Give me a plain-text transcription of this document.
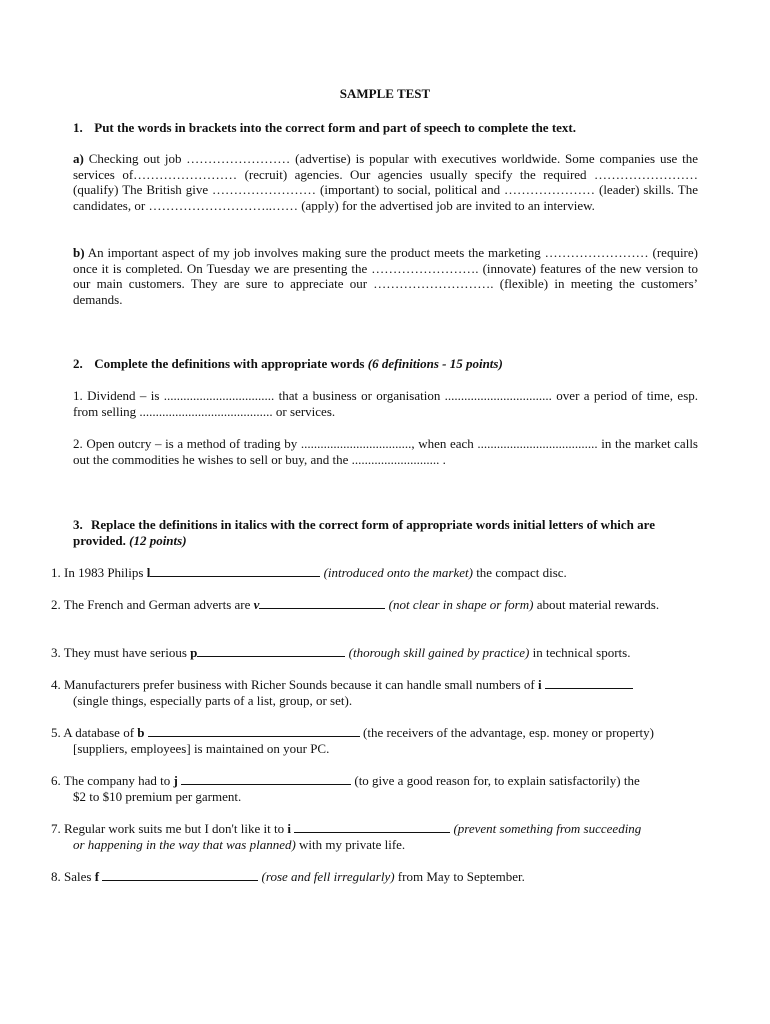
SAMPLE TEST
1. Put the words in brackets into the correct form and part of speech to complete the text.
a) Checking out job …………………… (advertise) is popular with executives worldwide. Some companies use the services of…………………… (recruit) agencies. Our agencies usually specify the required …………………… (qualify) The British give …………………… (important) to social, political and ………………… (leader) skills. The candidates, or ………………………..…… (apply) for the advertised job are invited to an interview.
b) An important aspect of my job involves making sure the product meets the marketing …………………… (require) once it is completed. On Tuesday we are presenting the ……………………. (innovate) features of the new version to our main customers. They are sure to appreciate our ………………………. (flexible) in meeting the customers’ demands.
2. Complete the definitions with appropriate words (6 definitions - 15 points)
1. Dividend – is .................................. that a business or organisation ................................. over a period of time, esp. from selling ......................................... or services.
2. Open outcry – is a method of trading by .................................., when each ..................................... in the market calls out the commodities he wishes to sell or buy, and the ........................... .
3. Replace the definitions in italics with the correct form of appropriate words initial letters of which are provided. (12 points)
1. In 1983 Philips l	(introduced onto the market) the compact disc.
2. The French and German adverts are v	(not clear in shape or form) about material rewards.
3. They must have serious p	(thorough skill gained by practice) in technical sports.
4. Manufacturers prefer business with Richer Sounds because it can handle small numbers of i
(single things, especially parts of a list, group, or set).
5. A database of b	(the receivers of the advantage, esp. money or property)
[suppliers, employees] is maintained on your PC.
6. The company had to j	(to give a good reason for, to explain satisfactorily) the
$2 to $10 premium per garment.
7. Regular work suits me but I don't like it to i	(prevent something from succeeding
or happening in the way that was planned) with my private life.
8. Sales f	(rose and fell irregularly) from May to September.
